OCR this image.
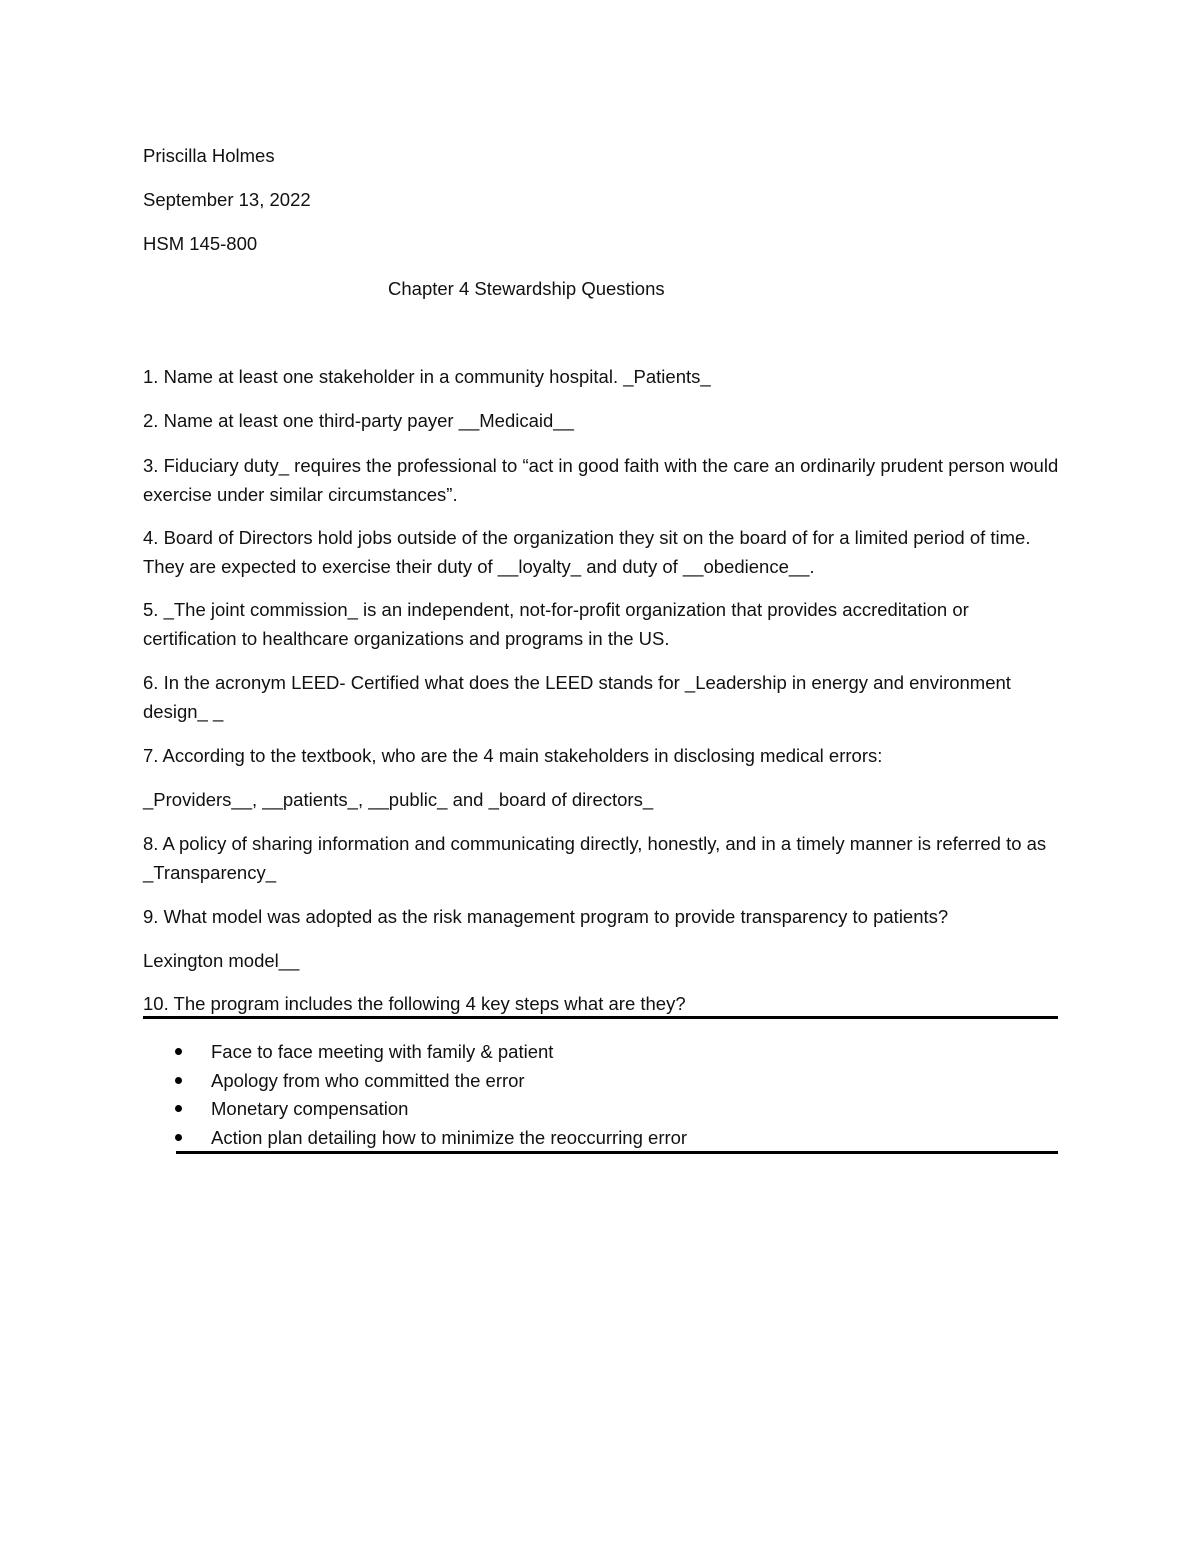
Priscilla Holmes
September 13, 2022
HSM 145-800
Chapter 4 Stewardship Questions
1. Name at least one stakeholder in a community hospital. _Patients_
2. Name at least one third-party payer __Medicaid__
3. Fiduciary duty_ requires the professional to “act in good faith with the care an ordinarily prudent person would exercise under similar circumstances”.
4. Board of Directors hold jobs outside of the organization they sit on the board of for a limited period of time. They are expected to exercise their duty of __loyalty_ and duty of __obedience__.
5. _The joint commission_ is an independent, not-for-profit organization that provides accreditation or certification to healthcare organizations and programs in the US.
6. In the acronym LEED- Certified what does the LEED stands for _Leadership in energy and environment design_ _
7. According to the textbook, who are the 4 main stakeholders in disclosing medical errors:
_Providers__, __patients_, __public_ and _board of directors_
8. A policy of sharing information and communicating directly, honestly, and in a timely manner is referred to as _Transparency_
9. What model was adopted as the risk management program to provide transparency to patients?
Lexington model__
10. The program includes the following 4 key steps what are they?
Face to face meeting with family & patient
Apology from who committed the error
Monetary compensation
Action plan detailing how to minimize the reoccurring error
